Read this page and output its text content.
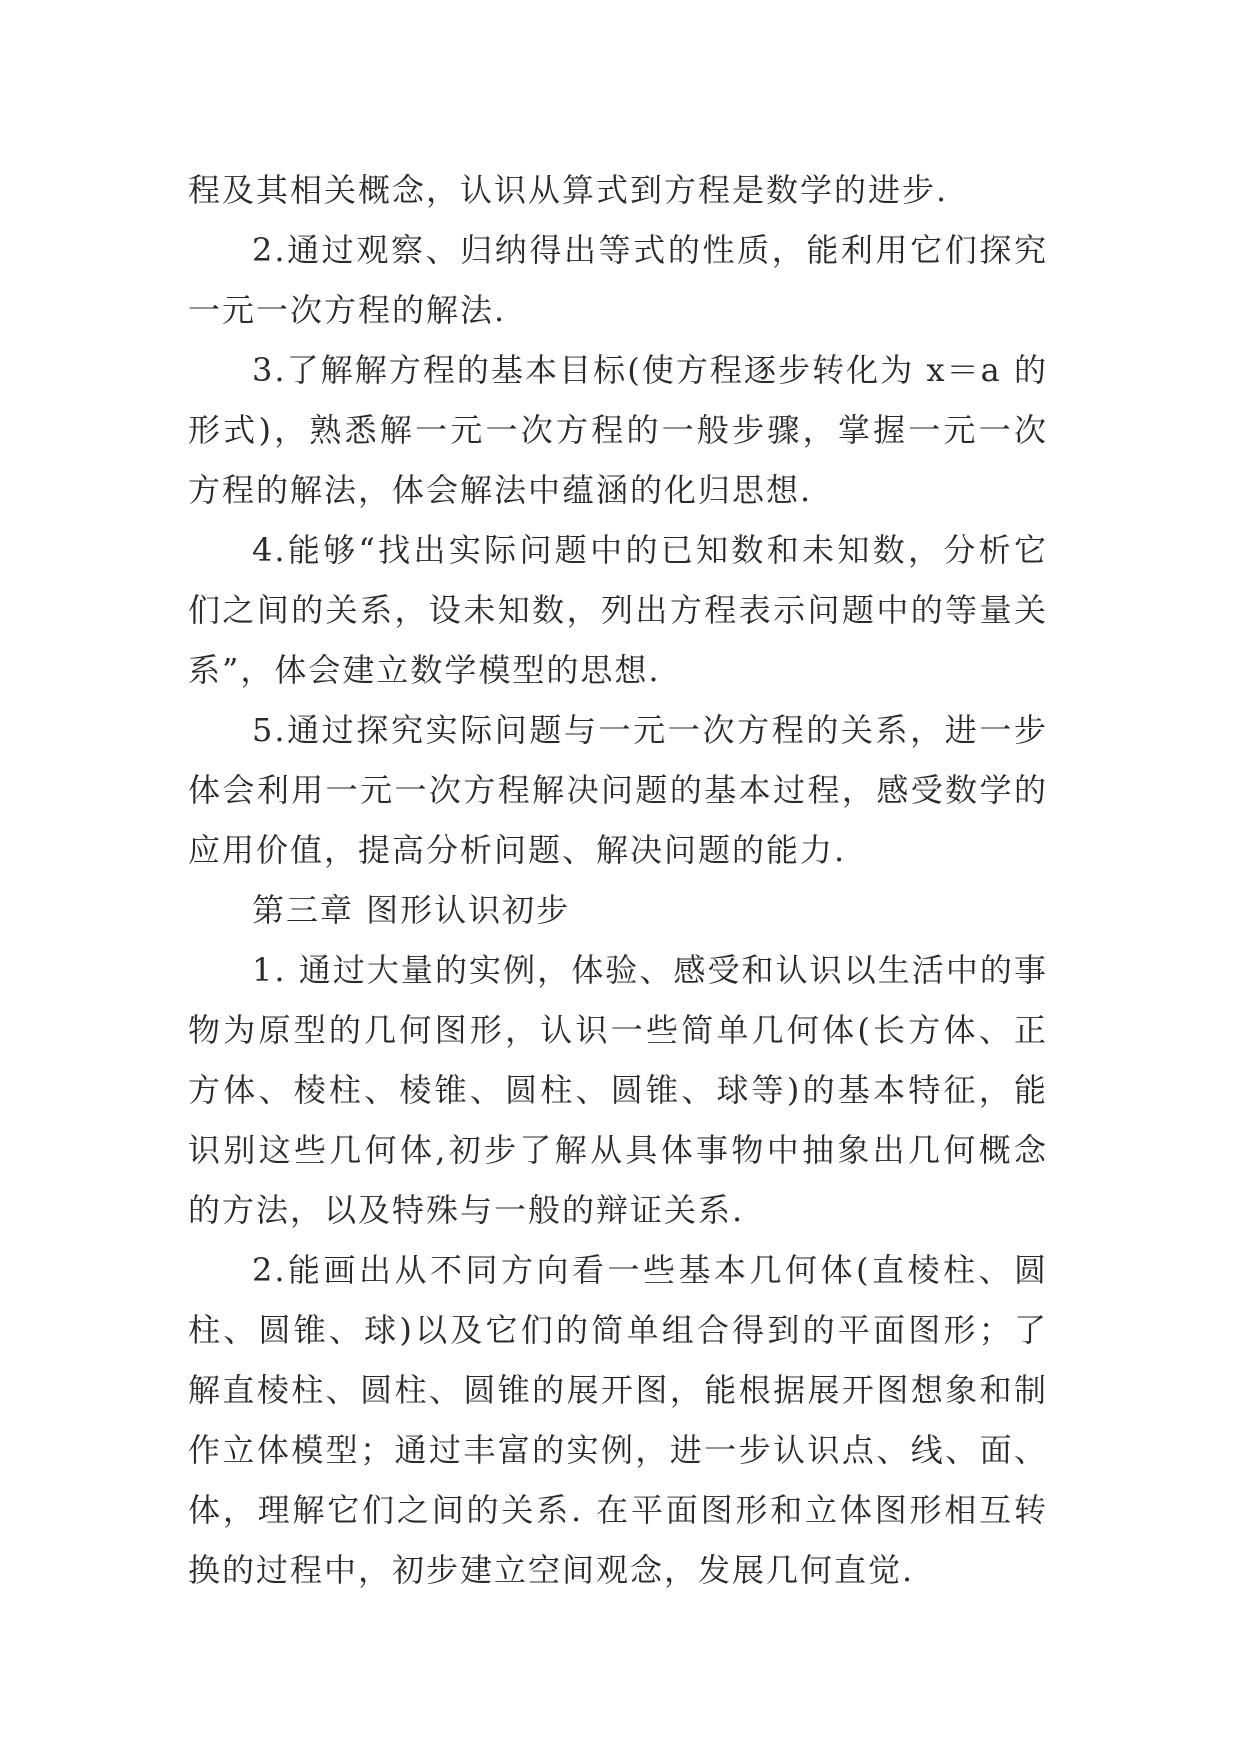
程及其相关概念，认识从算式到方程是数学的进步.

2.通过观察、归纳得出等式的性质，能利用它们探究一元一次方程的解法.

3.了解解方程的基本目标(使方程逐步转化为 x＝a 的形式)，熟悉解一元一次方程的一般步骤，掌握一元一次方程的解法，体会解法中蕴涵的化归思想.

4.能够“找出实际问题中的已知数和未知数，分析它们之间的关系，设未知数，列出方程表示问题中的等量关系”，体会建立数学模型的思想.

5.通过探究实际问题与一元一次方程的关系，进一步体会利用一元一次方程解决问题的基本过程，感受数学的应用价值，提高分析问题、解决问题的能力.

第三章 图形认识初步

1. 通过大量的实例，体验、感受和认识以生活中的事物为原型的几何图形，认识一些简单几何体(长方体、正方体、棱柱、棱锥、圆柱、圆锥、球等)的基本特征，能识别这些几何体,初步了解从具体事物中抽象出几何概念的方法，以及特殊与一般的辩证关系.

2.能画出从不同方向看一些基本几何体(直棱柱、圆柱、圆锥、球)以及它们的简单组合得到的平面图形；了解直棱柱、圆柱、圆锥的展开图，能根据展开图想象和制作立体模型；通过丰富的实例，进一步认识点、线、面、体，理解它们之间的关系. 在平面图形和立体图形相互转换的过程中，初步建立空间观念，发展几何直觉.
